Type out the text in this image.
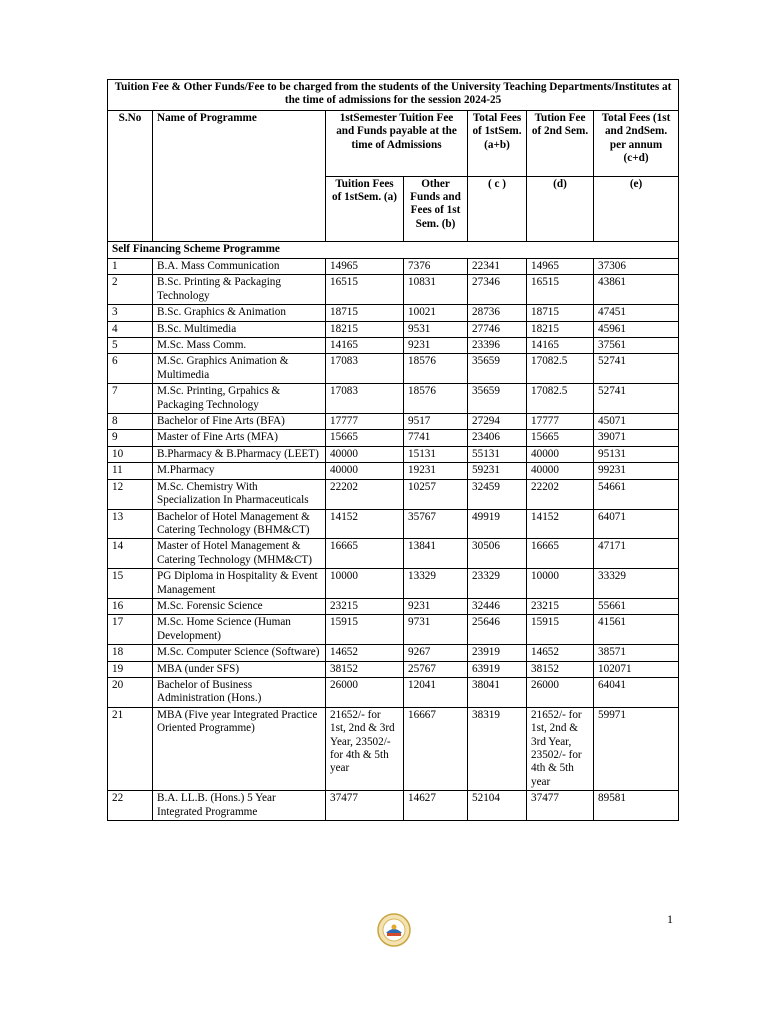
Tuition Fee & Other Funds/Fee to be charged from the students of the University Teaching Departments/Institutes at the time of admissions for the session 2024-25						
S.No	Name of Programme	1stSemester Tuition Fee and Funds payable at the time of Admissions		Total Fees of 1stSem. (a+b)	Tution Fee of 2nd Sem.	Total Fees (1st and 2ndSem. per annum (c+d)
		Tuition Fees of 1stSem. (a)	Other Funds and Fees of 1st Sem. (b)	( c )	(d)	(e)
Self Financing Scheme Programme						
1	B.A. Mass Communication	14965	7376	22341	14965	37306
2	B.Sc. Printing & Packaging Technology	16515	10831	27346	16515	43861
3	B.Sc. Graphics & Animation	18715	10021	28736	18715	47451
4	B.Sc. Multimedia	18215	9531	27746	18215	45961
5	M.Sc. Mass Comm.	14165	9231	23396	14165	37561
6	M.Sc. Graphics Animation & Multimedia	17083	18576	35659	17082.5	52741
7	M.Sc. Printing, Grpahics & Packaging Technology	17083	18576	35659	17082.5	52741
8	Bachelor of Fine Arts (BFA)	17777	9517	27294	17777	45071
9	Master of Fine Arts (MFA)	15665	7741	23406	15665	39071
10	B.Pharmacy & B.Pharmacy (LEET)	40000	15131	55131	40000	95131
11	M.Pharmacy	40000	19231	59231	40000	99231
12	M.Sc. Chemistry With Specialization In Pharmaceuticals	22202	10257	32459	22202	54661
13	Bachelor of Hotel Management & Catering Technology (BHM&CT)	14152	35767	49919	14152	64071
14	Master of Hotel Management & Catering Technology (MHM&CT)	16665	13841	30506	16665	47171
15	PG Diploma in Hospitality & Event Management	10000	13329	23329	10000	33329
16	M.Sc. Forensic Science	23215	9231	32446	23215	55661
17	M.Sc. Home Science (Human Development)	15915	9731	25646	15915	41561
18	M.Sc. Computer Science (Software)	14652	9267	23919	14652	38571
19	MBA (under SFS)	38152	25767	63919	38152	102071
20	Bachelor of Business Administration (Hons.)	26000	12041	38041	26000	64041
21	MBA (Five year Integrated Practice Oriented Programme)	21652/- for 1st, 2nd & 3rd Year, 23502/- for 4th & 5th year	16667	38319	21652/- for 1st, 2nd & 3rd Year, 23502/- for 4th & 5th year	59971
22	B.A. LL.B. (Hons.) 5 Year Integrated Programme	37477	14627	52104	37477	89581
1
